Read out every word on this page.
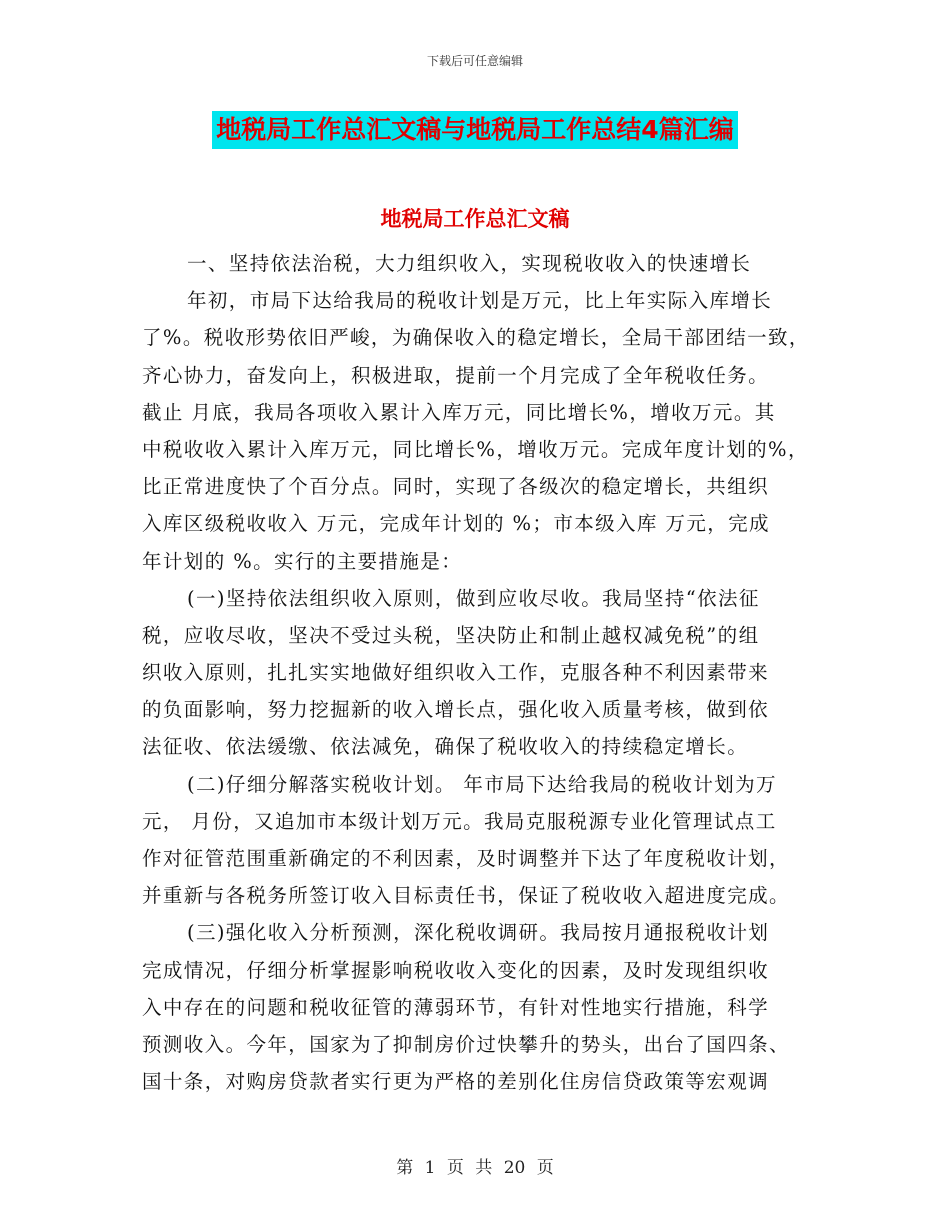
下载后可任意编辑
地税局工作总汇文稿与地税局工作总结4篇汇编
地税局工作总汇文稿
一、坚持依法治税，大力组织收入，实现税收收入的快速增长
年初，市局下达给我局的税收计划是万元，比上年实际入库增长
了%。税收形势依旧严峻，为确保收入的稳定增长，全局干部团结一致，
齐心协力，奋发向上，积极进取，提前一个月完成了全年税收任务。
截止 月底，我局各项收入累计入库万元，同比增长%，增收万元。其
中税收收入累计入库万元，同比增长%，增收万元。完成年度计划的%，
比正常进度快了个百分点。同时，实现了各级次的稳定增长，共组织
入库区级税收收入 万元，完成年计划的 %；市本级入库 万元，完成
年计划的 %。实行的主要措施是：
(一)坚持依法组织收入原则，做到应收尽收。我局坚持“依法征
税，应收尽收，坚决不受过头税，坚决防止和制止越权减免税”的组
织收入原则，扎扎实实地做好组织收入工作，克服各种不利因素带来
的负面影响，努力挖掘新的收入增长点，强化收入质量考核，做到依
法征收、依法缓缴、依法减免，确保了税收收入的持续稳定增长。
(二)仔细分解落实税收计划。 年市局下达给我局的税收计划为万
元， 月份，又追加市本级计划万元。我局克服税源专业化管理试点工
作对征管范围重新确定的不利因素，及时调整并下达了年度税收计划，
并重新与各税务所签订收入目标责任书，保证了税收收入超进度完成。
(三)强化收入分析预测，深化税收调研。我局按月通报税收计划
完成情况，仔细分析掌握影响税收收入变化的因素，及时发现组织收
入中存在的问题和税收征管的薄弱环节，有针对性地实行措施，科学
预测收入。今年，国家为了抑制房价过快攀升的势头，出台了国四条、
国十条，对购房贷款者实行更为严格的差别化住房信贷政策等宏观调
第 1 页 共 20 页
